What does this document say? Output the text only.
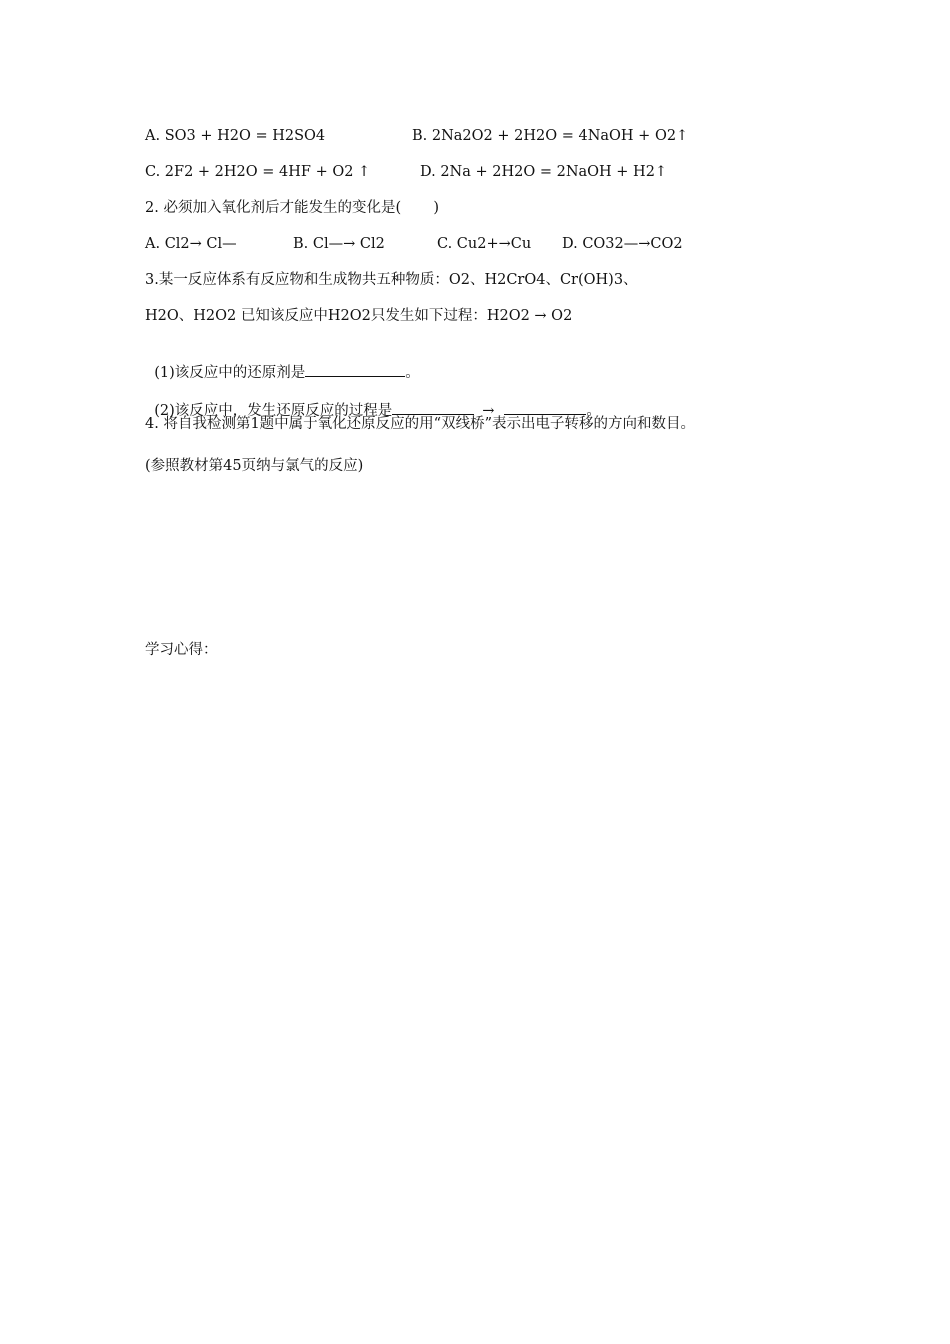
A. SO3 + H2O = H2SO4	B. 2Na2O2 + 2H2O = 4NaOH + O2↑
C. 2F2 + 2H2O = 4HF + O2 ↑	D. 2Na + 2H2O = 2NaOH + H2↑
2. 必须加入氧化剂后才能发生的变化是(       )
A. Cl2→ Cl—	B. Cl—→ Cl2	C. Cu2+→Cu D. CO32—→CO2
3.某一反应体系有反应物和生成物共五种物质：O2、H2CrO4、Cr(OH)3、
H2O、H2O2 已知该反应中H2O2只发生如下过程：H2O2 → O2

(1)该反应中的还原剂是	。

(2)该反应中，发生还原反应的过程是	→	。

4. 将自我检测第1题中属于氧化还原反应的用“双线桥”表示出电子转移的方向和数目。
(参照教材第45页纳与氯气的反应)
学习心得：
